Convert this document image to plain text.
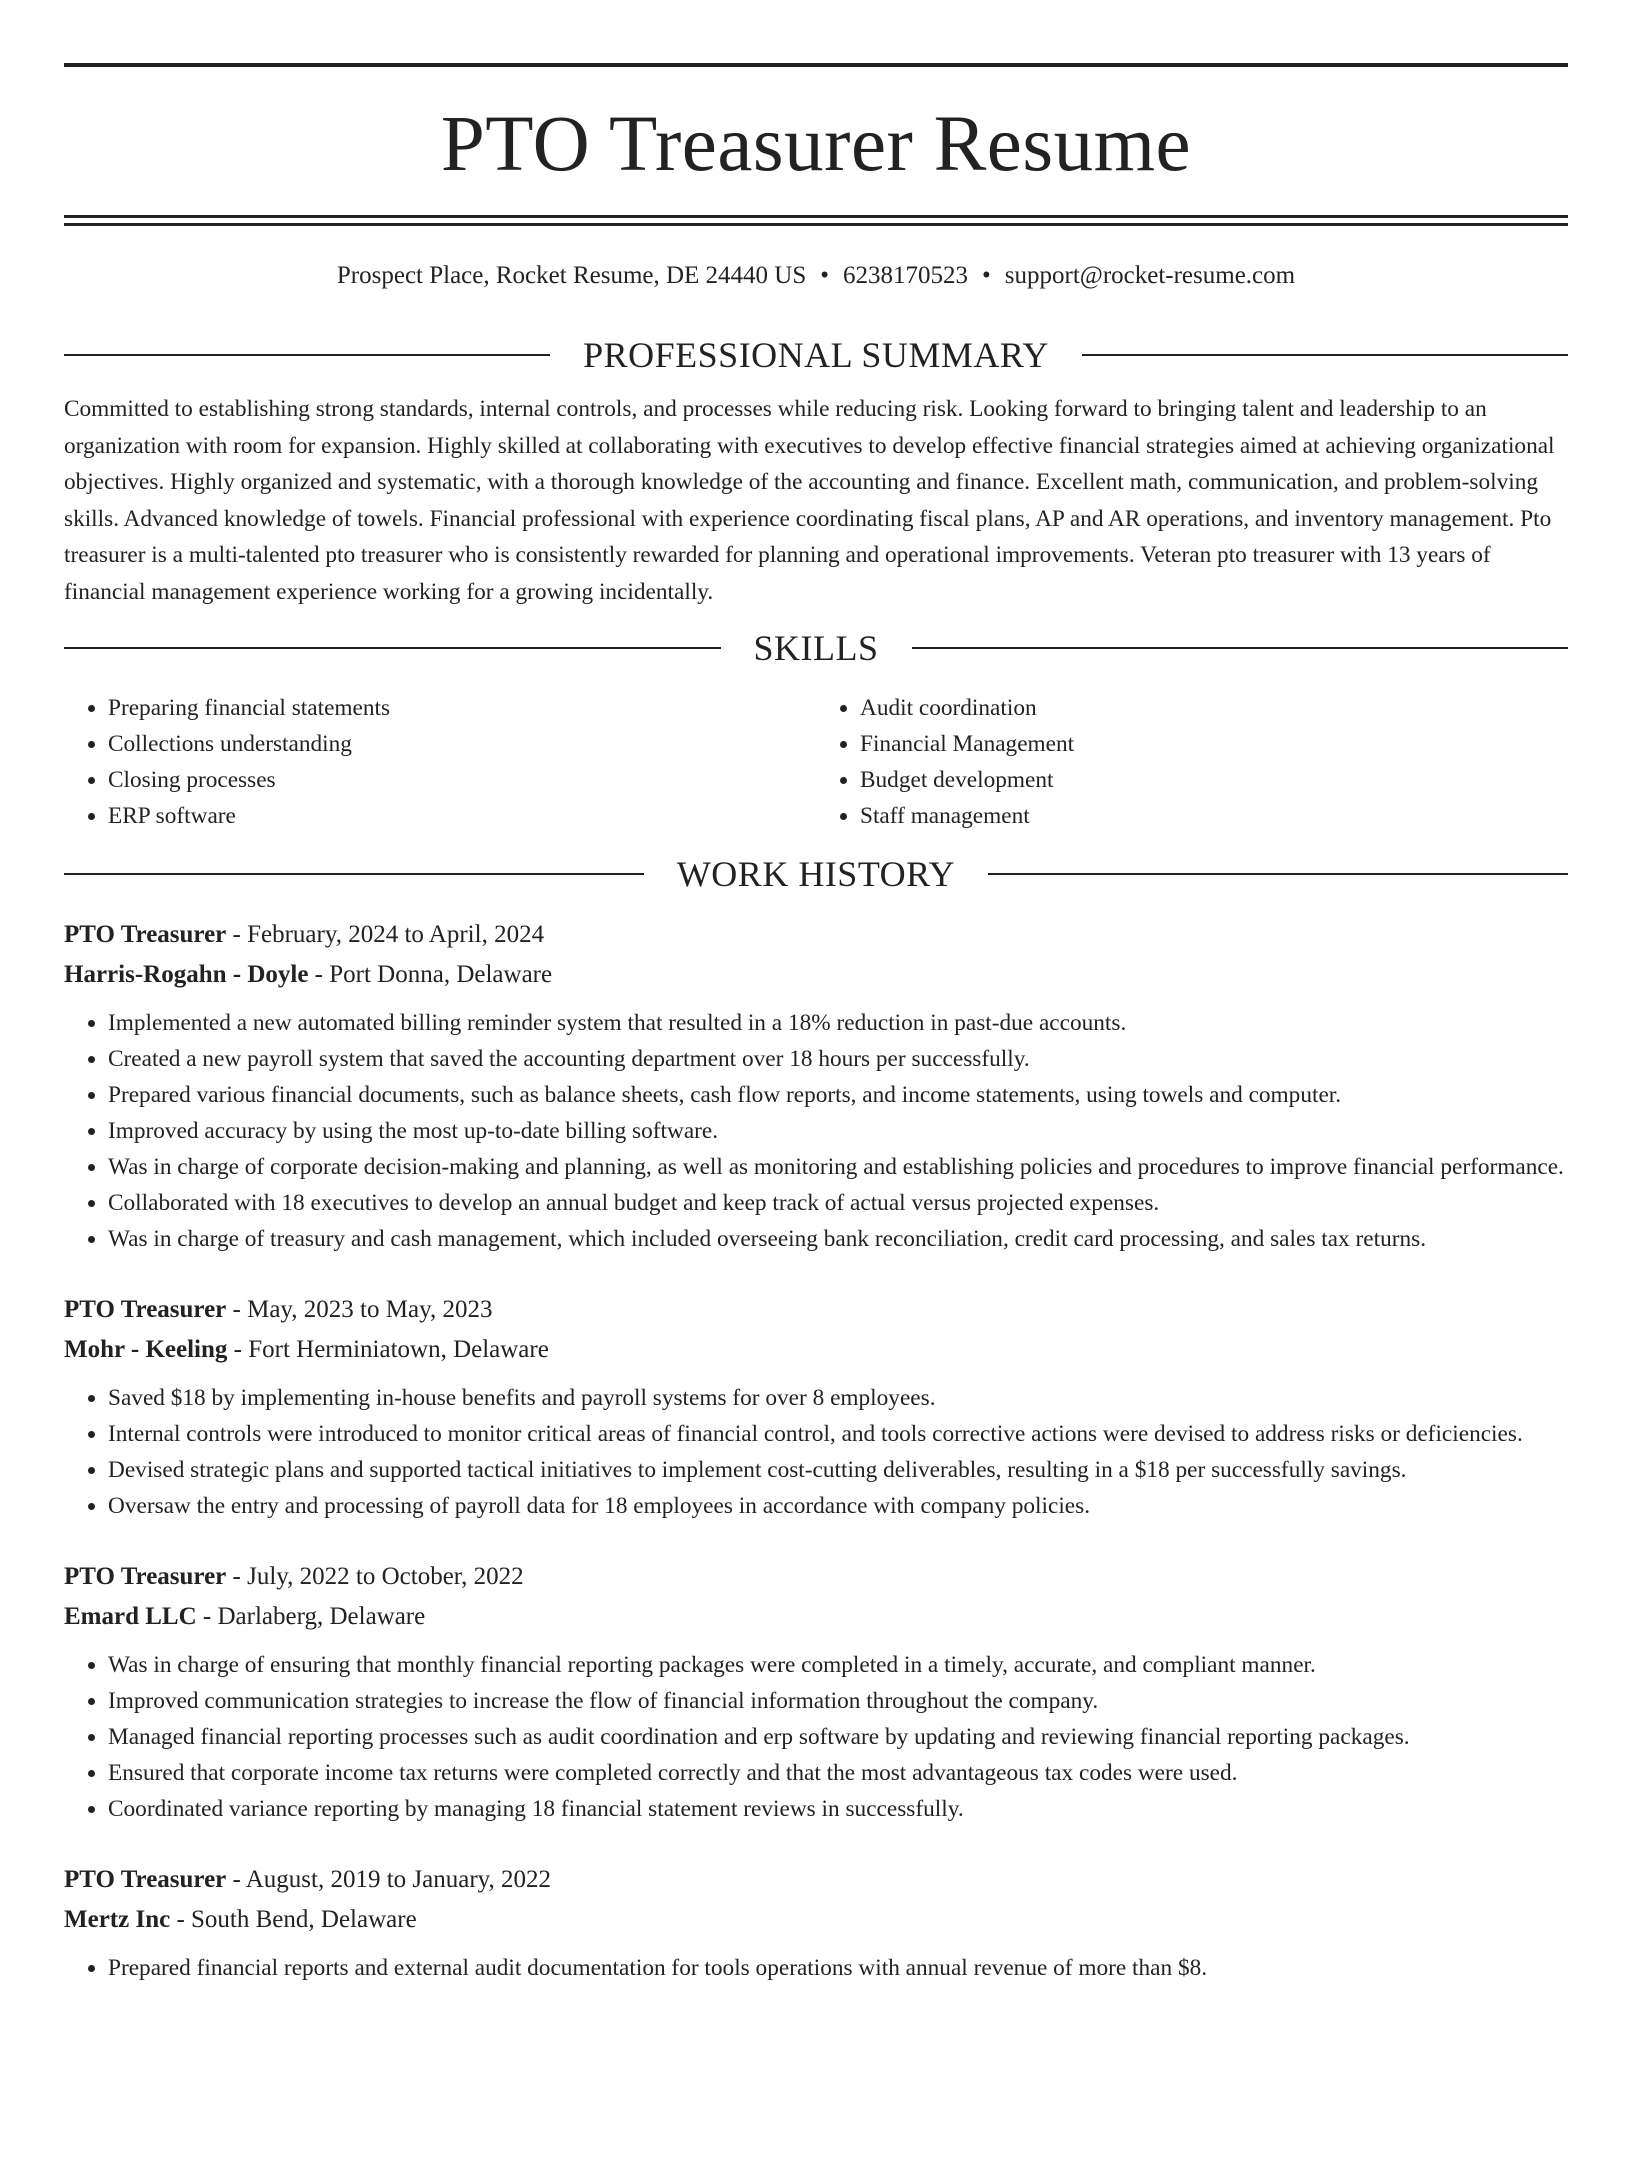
PTO Treasurer Resume
Prospect Place, Rocket Resume, DE 24440 US • 6238170523 • support@rocket-resume.com
PROFESSIONAL SUMMARY

Committed to establishing strong standards, internal controls, and processes while reducing risk. Looking forward to bringing talent and leadership to an organization with room for expansion. Highly skilled at collaborating with executives to develop effective financial strategies aimed at achieving organizational objectives. Highly organized and systematic, with a thorough knowledge of the accounting and finance. Excellent math, communication, and problem-solving skills. Advanced knowledge of towels. Financial professional with experience coordinating fiscal plans, AP and AR operations, and inventory management. Pto treasurer is a multi-talented pto treasurer who is consistently rewarded for planning and operational improvements. Veteran pto treasurer with 13 years of financial management experience working for a growing incidentally.

SKILLS
• Preparing financial statements
• Collections understanding
• Closing processes
• ERP software
• Audit coordination
• Financial Management
• Budget development
• Staff management
WORK HISTORY
PTO Treasurer - February, 2024 to April, 2024
Harris-Rogahn - Doyle - Port Donna, Delaware
• Implemented a new automated billing reminder system that resulted in a 18% reduction in past-due accounts.
• Created a new payroll system that saved the accounting department over 18 hours per successfully.
• Prepared various financial documents, such as balance sheets, cash flow reports, and income statements, using towels and computer.
• Improved accuracy by using the most up-to-date billing software.
• Was in charge of corporate decision-making and planning, as well as monitoring and establishing policies and procedures to improve financial performance.
• Collaborated with 18 executives to develop an annual budget and keep track of actual versus projected expenses.
• Was in charge of treasury and cash management, which included overseeing bank reconciliation, credit card processing, and sales tax returns.
PTO Treasurer - May, 2023 to May, 2023
Mohr - Keeling - Fort Herminiatown, Delaware
• Saved $18 by implementing in-house benefits and payroll systems for over 8 employees.
• Internal controls were introduced to monitor critical areas of financial control, and tools corrective actions were devised to address risks or deficiencies.
• Devised strategic plans and supported tactical initiatives to implement cost-cutting deliverables, resulting in a $18 per successfully savings.
• Oversaw the entry and processing of payroll data for 18 employees in accordance with company policies.
PTO Treasurer - July, 2022 to October, 2022
Emard LLC - Darlaberg, Delaware
• Was in charge of ensuring that monthly financial reporting packages were completed in a timely, accurate, and compliant manner.
• Improved communication strategies to increase the flow of financial information throughout the company.
• Managed financial reporting processes such as audit coordination and erp software by updating and reviewing financial reporting packages.
• Ensured that corporate income tax returns were completed correctly and that the most advantageous tax codes were used.
• Coordinated variance reporting by managing 18 financial statement reviews in successfully.
PTO Treasurer - August, 2019 to January, 2022
Mertz Inc - South Bend, Delaware
• Prepared financial reports and external audit documentation for tools operations with annual revenue of more than $8.
